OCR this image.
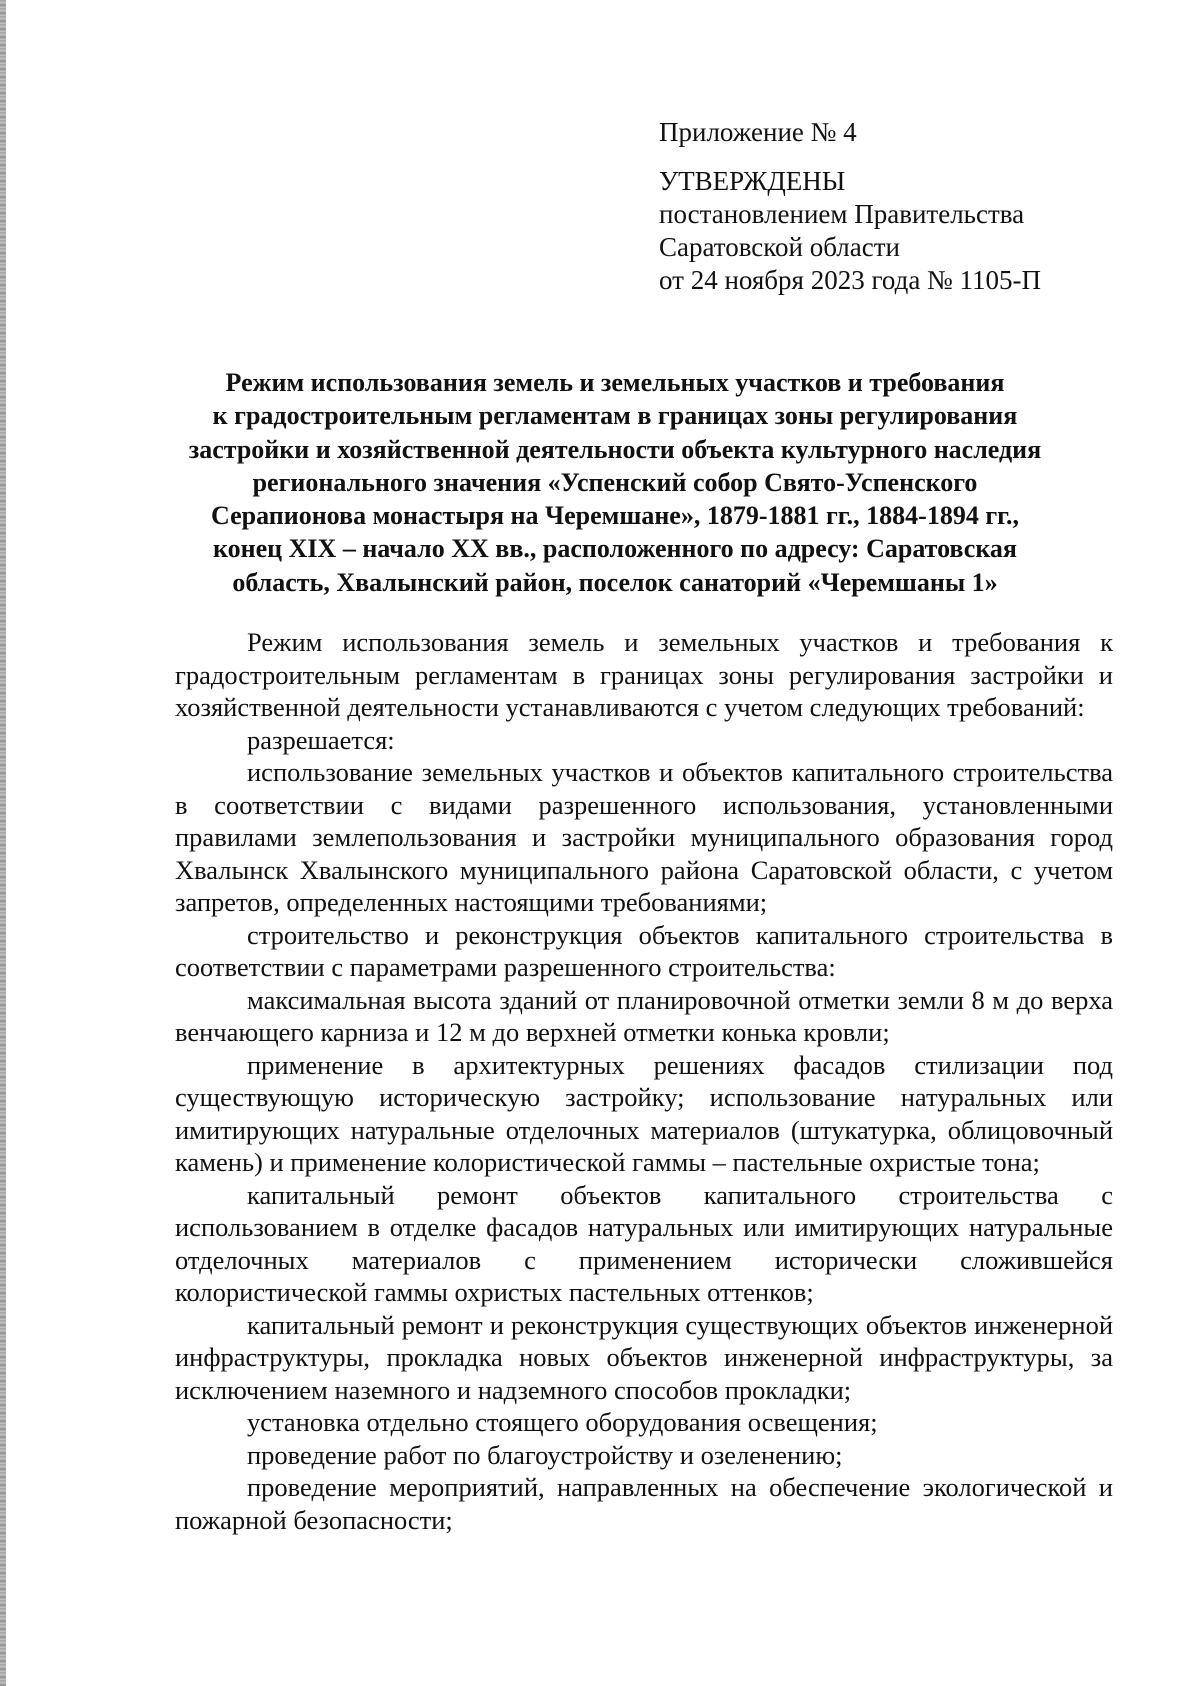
Приложение № 4
УТВЕРЖДЕНЫ
постановлением Правительства
Саратовской области
от 24 ноября 2023 года № 1105-П
Режим использования земель и земельных участков и требования
к градостроительным регламентам в границах зоны регулирования
застройки и хозяйственной деятельности объекта культурного наследия
регионального значения «Успенский собор Свято-Успенского
Серапионова монастыря на Черемшане», 1879-1881 гг., 1884-1894 гг.,
конец XIX – начало XX вв., расположенного по адресу: Саратовская
область, Хвалынский район, поселок санаторий «Черемшаны 1»

Режим использования земель и земельных участков и требования к градостроительным регламентам в границах зоны регулирования застройки и хозяйственной деятельности устанавливаются с учетом следующих требований:

разрешается:

использование земельных участков и объектов капитального строительства в соответствии с видами разрешенного использования, установленными правилами землепользования и застройки муниципального образования город Хвалынск Хвалынского муниципального района Саратовской области, с учетом запретов, определенных настоящими требованиями;

строительство и реконструкция объектов капитального строительства в соответствии с параметрами разрешенного строительства:

максимальная высота зданий от планировочной отметки земли 8 м до верха венчающего карниза и 12 м до верхней отметки конька кровли;

применение в архитектурных решениях фасадов стилизации под существующую историческую застройку; использование натуральных или имитирующих натуральные отделочных материалов (штукатурка, облицовочный камень) и применение колористической гаммы – пастельные охристые тона;

капитальный ремонт объектов капитального строительства с использованием в отделке фасадов натуральных или имитирующих натуральные отделочных материалов с применением исторически сложившейся колористической гаммы охристых пастельных оттенков;

капитальный ремонт и реконструкция существующих объектов инженерной инфраструктуры, прокладка новых объектов инженерной инфраструктуры, за исключением наземного и надземного способов прокладки;

установка отдельно стоящего оборудования освещения;

проведение работ по благоустройству и озеленению;

проведение мероприятий, направленных на обеспечение экологической и пожарной безопасности;
